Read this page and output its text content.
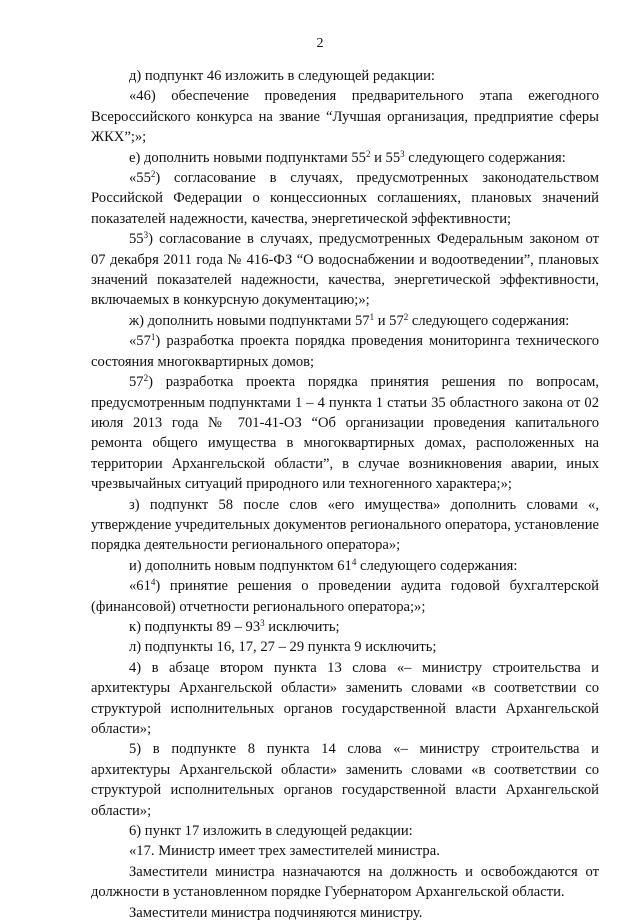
2

д) подпункт 46 изложить в следующей редакции:

«46) обеспечение проведения предварительного этапа ежегодного Всероссийского конкурса на звание “Лучшая организация, предприятие сферы ЖКХ”;»;

е) дополнить новыми подпунктами $55^2$ и $55^3$ следующего содержания:

«$55^2$) согласование в случаях, предусмотренных законодательством Российской Федерации о концессионных соглашениях, плановых значений показателей надежности, качества, энергетической эффективности;

$55^3$) согласование в случаях, предусмотренных Федеральным законом от 07 декабря 2011 года № 416-ФЗ “О водоснабжении и водоотведении”, плановых значений показателей надежности, качества, энергетической эффективности, включаемых в конкурсную документацию;»;

ж) дополнить новыми подпунктами $57^1$ и $57^2$ следующего содержания:

«$57^1$) разработка проекта порядка проведения мониторинга технического состояния многоквартирных домов;

$57^2$) разработка проекта порядка принятия решения по вопросам, предусмотренным подпунктами 1 – 4 пункта 1 статьи 35 областного закона от 02 июля 2013 года № 701-41-ОЗ “Об организации проведения капитального ремонта общего имущества в многоквартирных домах, расположенных на территории Архангельской области”, в случае возникновения аварии, иных чрезвычайных ситуаций природного или техногенного характера;»;

з) подпункт 58 после слов «его имущества» дополнить словами «, утверждение учредительных документов регионального оператора, установление порядка деятельности регионального оператора»;

и) дополнить новым подпунктом $61^4$ следующего содержания:

«$61^4$) принятие решения о проведении аудита годовой бухгалтерской (финансовой) отчетности регионального оператора;»;

к) подпункты $89 - 93^3$ исключить;

л) подпункты 16, 17, 27 – 29 пункта 9 исключить;

4) в абзаце втором пункта 13 слова «– министру строительства и архитектуры Архангельской области» заменить словами «в соответствии со структурой исполнительных органов государственной власти Архангельской области»;

5) в подпункте 8 пункта 14 слова «– министру строительства и архитектуры Архангельской области» заменить словами «в соответствии со структурой исполнительных органов государственной власти Архангельской области»;

6) пункт 17 изложить в следующей редакции:

«17. Министр имеет трех заместителей министра.

Заместители министра назначаются на должность и освобождаются от должности в установленном порядке Губернатором Архангельской области.

Заместители министра подчиняются министру.
